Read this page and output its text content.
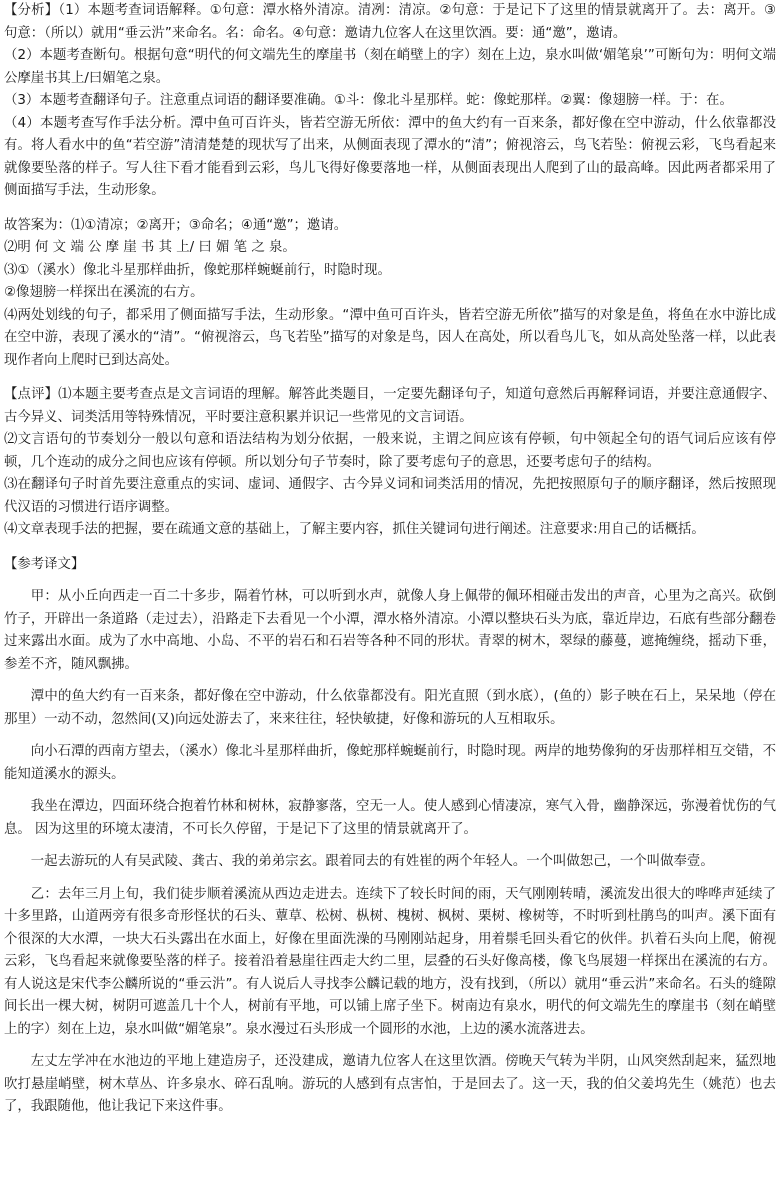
【分析】（1）本题考查词语解释。①句意：潭水格外清凉。清冽：清凉。②句意：于是记下了这里的情景就离开了。去：离开。③句意：（所以）就用“垂云沜”来命名。名：命名。④句意：邀请九位客人在这里饮酒。要：通“邀”，邀请。

（2）本题考查断句。根据句意“明代的何文端先生的摩崖书（刻在峭壁上的字）刻在上边，泉水叫做‘媚笔泉’”可断句为：明何文端公摩崖书其上/曰媚笔之泉。

（3）本题考查翻译句子。注意重点词语的翻译要准确。①斗：像北斗星那样。蛇：像蛇那样。②翼：像翅膀一样。于：在。

（4）本题考查写作手法分析。潭中鱼可百许头，皆若空游无所依：潭中的鱼大约有一百来条，都好像在空中游动，什么依靠都没有。将人看水中的鱼“若空游”清清楚楚的现状写了出来，从侧面表现了潭水的“清”；俯视溶云，鸟飞若坠：俯视云彩，飞鸟看起来就像要坠落的样子。写人往下看才能看到云彩，鸟儿飞得好像要落地一样，从侧面表现出人爬到了山的最高峰。因此两者都采用了侧面描写手法，生动形象。

故答案为：⑴①清凉；②离开；③命名；④通“邀”；邀请。

⑵明 何 文 端 公 摩 崖 书 其 上/ 曰 媚 笔 之 泉。

⑶①（溪水）像北斗星那样曲折，像蛇那样蜿蜒前行，时隐时现。

②像翅膀一样探出在溪流的右方。

⑷两处划线的句子，都采用了侧面描写手法，生动形象。“潭中鱼可百许头，皆若空游无所依”描写的对象是鱼，将鱼在水中游比成在空中游，表现了溪水的“清”。“俯视溶云，鸟飞若坠”描写的对象是鸟，因人在高处，所以看鸟儿飞，如从高处坠落一样，以此表现作者向上爬时已到达高处。

【点评】⑴本题主要考查点是文言词语的理解。解答此类题目，一定要先翻译句子，知道句意然后再解释词语，并要注意通假字、古今异义、词类活用等特殊情况，平时要注意积累并识记一些常见的文言词语。

⑵文言语句的节奏划分一般以句意和语法结构为划分依据，一般来说，主谓之间应该有停顿，句中领起全句的语气词后应该有停顿，几个连动的成分之间也应该有停顿。所以划分句子节奏时，除了要考虑句子的意思，还要考虑句子的结构。

⑶在翻译句子时首先要注意重点的实词、虚词、通假字、古今异义词和词类活用的情况，先把按照原句子的顺序翻译，然后按照现代汉语的习惯进行语序调整。

⑷文章表现手法的把握，要在疏通文意的基础上，了解主要内容，抓住关键词句进行阐述。注意要求:用自己的话概括。

【参考译文】

甲：从小丘向西走一百二十多步，隔着竹林，可以听到水声，就像人身上佩带的佩环相碰击发出的声音，心里为之高兴。砍倒竹子，开辟出一条道路（走过去），沿路走下去看见一个小潭，潭水格外清凉。小潭以整块石头为底，靠近岸边，石底有些部分翻卷过来露出水面。成为了水中高地、小岛、不平的岩石和石岩等各种不同的形状。青翠的树木，翠绿的藤蔓，遮掩缠绕，摇动下垂，参差不齐，随风飘拂。

潭中的鱼大约有一百来条，都好像在空中游动，什么依靠都没有。阳光直照（到水底），(鱼的）影子映在石上，呆呆地（停在那里）一动不动，忽然间(又)向远处游去了，来来往往，轻快敏捷，好像和游玩的人互相取乐。

向小石潭的西南方望去，（溪水）像北斗星那样曲折，像蛇那样蜿蜒前行，时隐时现。两岸的地势像狗的牙齿那样相互交错，不能知道溪水的源头。

我坐在潭边，四面环绕合抱着竹林和树林，寂静寥落，空无一人。使人感到心情凄凉，寒气入骨，幽静深远，弥漫着忧伤的气息。 因为这里的环境太凄清，不可长久停留，于是记下了这里的情景就离开了。

一起去游玩的人有吴武陵、龚古、我的弟弟宗玄。跟着同去的有姓崔的两个年轻人。一个叫做恕己，一个叫做奉壹。

乙：去年三月上旬，我们徒步顺着溪流从西边走进去。连续下了较长时间的雨，天气刚刚转晴，溪流发出很大的哗哗声延续了十多里路，山道两旁有很多奇形怪状的石头、蕈草、松树、枞树、槐树、枫树、栗树、橡树等，不时听到杜鹃鸟的叫声。溪下面有个很深的大水潭，一块大石头露出在水面上，好像在里面洗澡的马刚刚站起身，用着鬃毛回头看它的伙伴。扒着石头向上爬，俯视云彩，飞鸟看起来就像要坠落的样子。接着沿着悬崖往西走大约二里，层叠的石头好像高楼，像飞鸟展翅一样探出在溪流的右方。有人说这是宋代李公麟所说的“垂云沜”。有人说后人寻找李公麟记载的地方，没有找到，（所以）就用“垂云沜”来命名。石头的缝隙间长出一棵大树，树阴可遮盖几十个人，树前有平地，可以铺上席子坐下。树南边有泉水，明代的何文端先生的摩崖书（刻在峭壁上的字）刻在上边，泉水叫做“媚笔泉”。泉水漫过石头形成一个圆形的水池，上边的溪水流落进去。

左丈左学冲在水池边的平地上建造房子，还没建成，邀请九位客人在这里饮酒。傍晚天气转为半阴，山风突然刮起来，猛烈地吹打悬崖峭壁，树木草丛、许多泉水、碎石乱响。游玩的人感到有点害怕，于是回去了。这一天，我的伯父姜坞先生（姚范）也去了，我跟随他，他让我记下来这件事。
